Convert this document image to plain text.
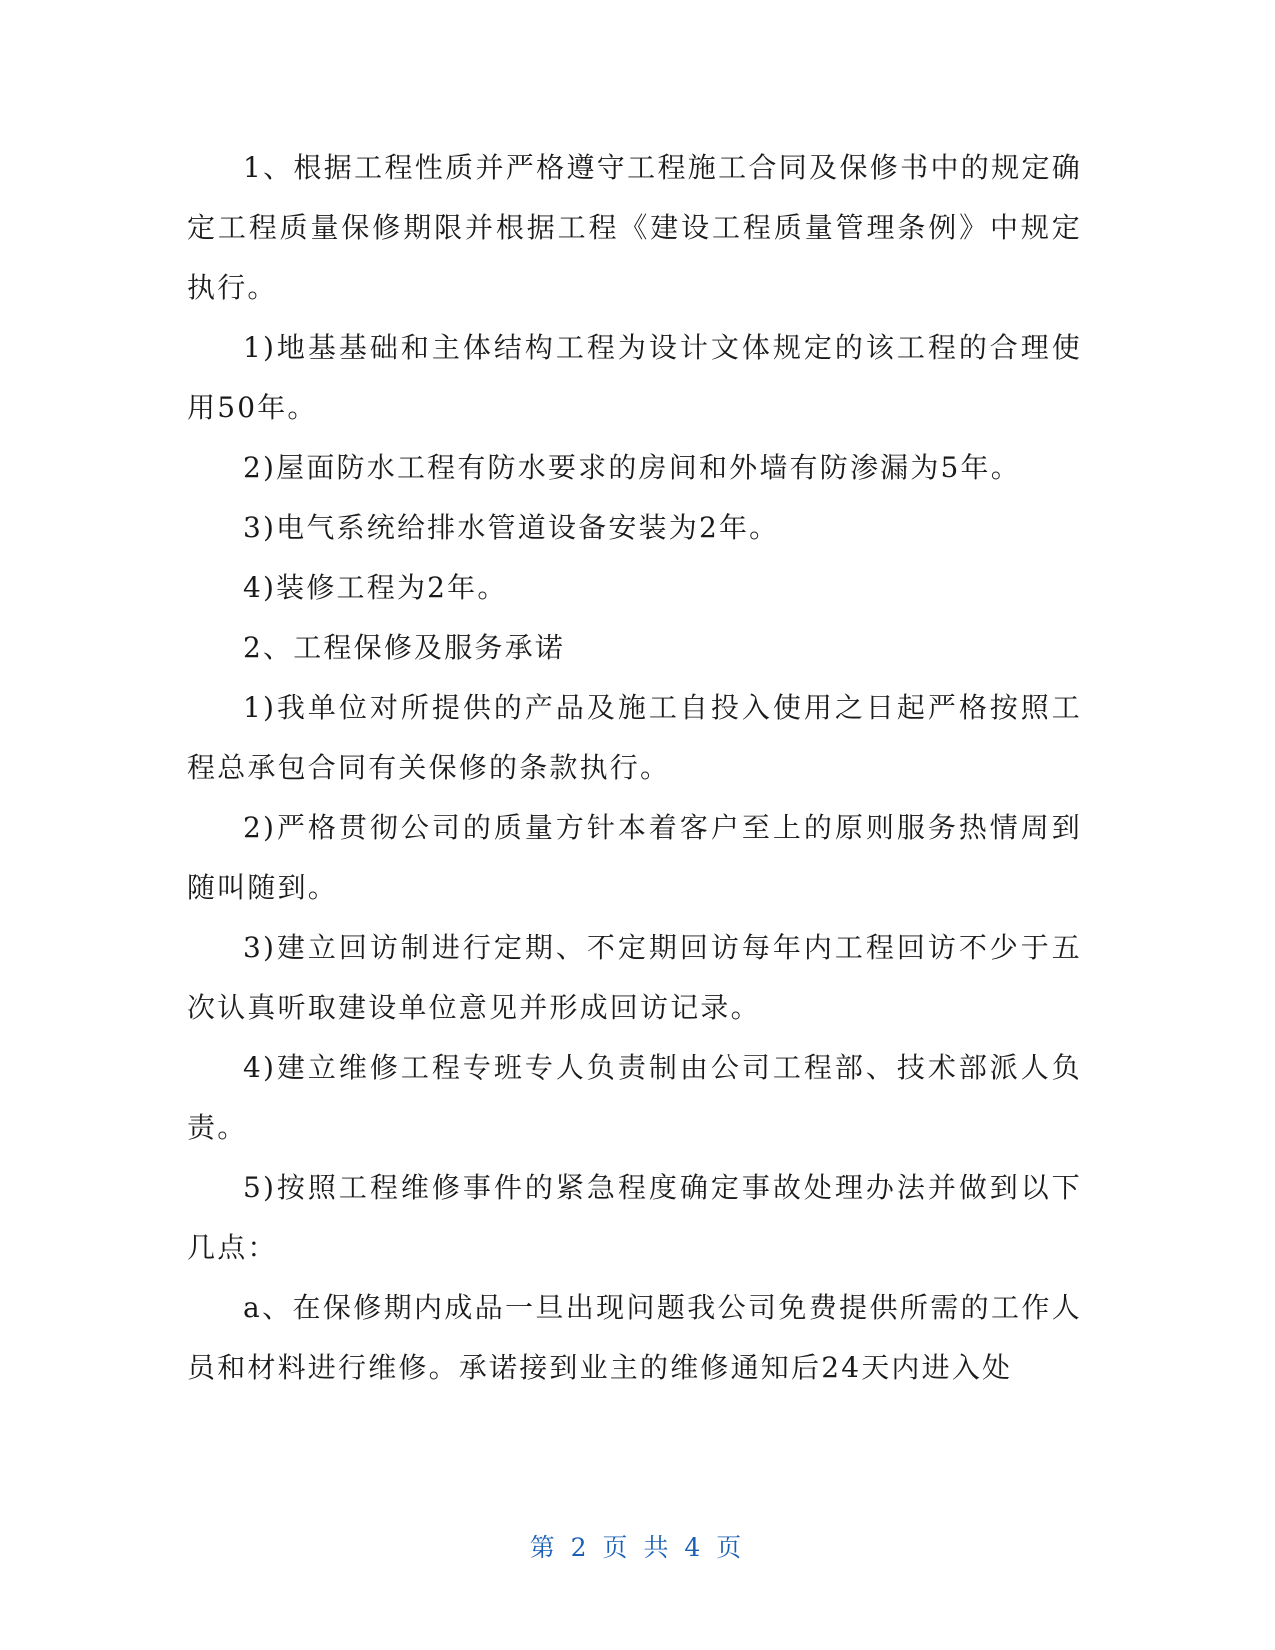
1、根据工程性质并严格遵守工程施工合同及保修书中的规定确定工程质量保修期限并根据工程《建设工程质量管理条例》中规定执行。

1)地基基础和主体结构工程为设计文体规定的该工程的合理使用50年。

2)屋面防水工程有防水要求的房间和外墙有防渗漏为5年。

3)电气系统给排水管道设备安装为2年。

4)装修工程为2年。

2、工程保修及服务承诺

1)我单位对所提供的产品及施工自投入使用之日起严格按照工程总承包合同有关保修的条款执行。

2)严格贯彻公司的质量方针本着客户至上的原则服务热情周到随叫随到。

3)建立回访制进行定期、不定期回访每年内工程回访不少于五次认真听取建设单位意见并形成回访记录。

4)建立维修工程专班专人负责制由公司工程部、技术部派人负责。

5)按照工程维修事件的紧急程度确定事故处理办法并做到以下几点：

a、在保修期内成品一旦出现问题我公司免费提供所需的工作人员和材料进行维修。承诺接到业主的维修通知后24天内进入处

第 2 页 共 4 页
